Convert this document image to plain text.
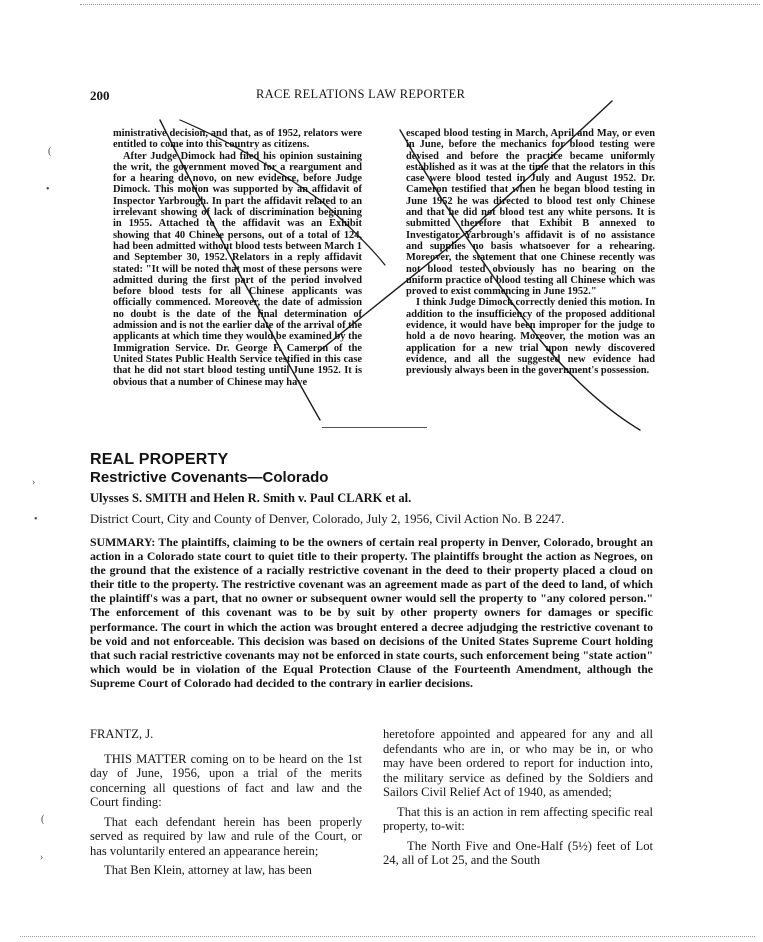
200	RACE RELATIONS LAW REPORTER

ministrative decision, and that, as of 1952, relators were entitled to come into this country as citizens.

After Judge Dimock had filed his opinion sustaining the writ, the government moved for a reargument and for a hearing de novo, on new evidence, before Judge Dimock. This motion was supported by an affidavit of Inspector Yarbrough. In part the affidavit related to an irrelevant showing of lack of discrimination beginning in 1955. Attached to the affidavit was an Exhibit showing that 40 Chinese persons, out of a total of 124, had been admitted without blood tests between March 1 and September 30, 1952. Relators in a reply affidavit stated: "It will be noted that most of these persons were admitted during the first part of the period involved before blood tests for all Chinese applicants was officially commenced. Moreover, the date of admission no doubt is the date of the final determination of admission and is not the earlier date of the arrival of the applicants at which time they would be examined by the Immigration Service. Dr. George F. Cameron of the United States Public Health Service testified in this case that he did not start blood testing until June 1952. It is obvious that a number of Chinese may have

escaped blood testing in March, April and May, or even in June, before the mechanics for blood testing were devised and before the practice became uniformly established as it was at the time that the relators in this case were blood tested in July and August 1952. Dr. Cameron testified that when he began blood testing in June 1952 he was directed to blood test only Chinese and that he did not blood test any white persons. It is submitted therefore that Exhibit B annexed to Investigator Yarbrough's affidavit is of no assistance and supplies no basis whatsoever for a rehearing. Moreover, the statement that one Chinese recently was not blood tested obviously has no bearing on the uniform practice of blood testing all Chinese which was proved to exist commencing in June 1952."

I think Judge Dimock correctly denied this motion. In addition to the insufficiency of the proposed additional evidence, it would have been improper for the judge to hold a de novo hearing. Moreover, the motion was an application for a new trial upon newly discovered evidence, and all the suggested new evidence had previously always been in the government's possession.

REAL PROPERTY
Restrictive Covenants—Colorado
Ulysses S. SMITH and Helen R. Smith v. Paul CLARK et al.
District Court, City and County of Denver, Colorado, July 2, 1956, Civil Action No. B 2247.

SUMMARY: The plaintiffs, claiming to be the owners of certain real property in Denver, Colorado, brought an action in a Colorado state court to quiet title to their property. The plaintiffs brought the action as Negroes, on the ground that the existence of a racially restrictive covenant in the deed to their property placed a cloud on their title to the property. The restrictive covenant was an agreement made as part of the deed to land, of which the plaintiff's was a part, that no owner or subsequent owner would sell the property to "any colored person." The enforcement of this covenant was to be by suit by other property owners for damages or specific performance. The court in which the action was brought entered a decree adjudging the restrictive covenant to be void and not enforceable. This decision was based on decisions of the United States Supreme Court holding that such racial restrictive covenants may not be enforced in state courts, such enforcement being "state action" which would be in violation of the Equal Protection Clause of the Fourteenth Amendment, although the Supreme Court of Colorado had decided to the contrary in earlier decisions.

FRANTZ, J.

THIS MATTER coming on to be heard on the 1st day of June, 1956, upon a trial of the merits concerning all questions of fact and law and the Court finding:

That each defendant herein has been properly served as required by law and rule of the Court, or has voluntarily entered an appearance herein;

That Ben Klein, attorney at law, has been

heretofore appointed and appeared for any and all defendants who are in, or who may be in, or who may have been ordered to report for induction into, the military service as defined by the Soldiers and Sailors Civil Relief Act of 1940, as amended;

That this is an action in rem affecting specific real property, to-wit:

The North Five and One-Half (5½) feet of Lot 24, all of Lot 25, and the South

(
•
›
•
(
›
